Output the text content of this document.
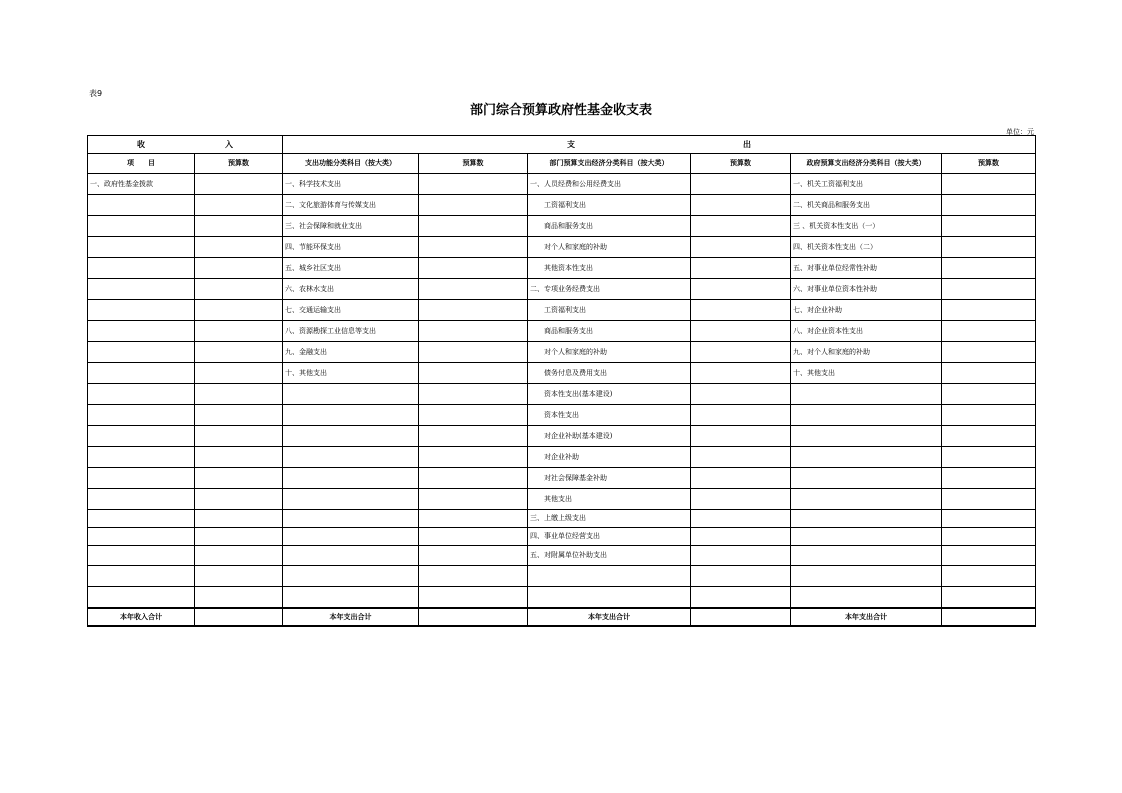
表9
部门综合预算政府性基金收支表
单位：元
收　　　　　　　　　　入		支　　　　　　　　　　　　　　　　　　　　　出					
项　　目	预算数	支出功能分类科目（按大类）	预算数	部门预算支出经济分类科目（按大类）	预算数	政府预算支出经济分类科目（按大类）	预算数
一、政府性基金拨款		一、科学技术支出		一、人员经费和公用经费支出		一、机关工资福利支出	
		二、文化旅游体育与传媒支出		工资福利支出		二、机关商品和服务支出	
		三、社会保障和就业支出		商品和服务支出		三 、机关资本性支出（一）	
		四、节能环保支出		对个人和家庭的补助		四、机关资本性支出（二）	
		五、城乡社区支出		其他资本性支出		五、对事业单位经常性补助	
		六、农林水支出		二、专项业务经费支出		六、对事业单位资本性补助	
		七、交通运输支出		工资福利支出		七、对企业补助	
		八、资源勘探工业信息等支出		商品和服务支出		八、对企业资本性支出	
		九、金融支出		对个人和家庭的补助		九、对个人和家庭的补助	
		十、其他支出		债务付息及费用支出		十、其他支出	
				资本性支出(基本建设)			
				资本性支出			
				对企业补助(基本建设)			
				对企业补助			
				对社会保障基金补助			
				其他支出			
				三、上缴上级支出			
				四、事业单位经营支出			
				五、对附属单位补助支出			

本年收入合计		本年支出合计		本年支出合计		本年支出合计	
